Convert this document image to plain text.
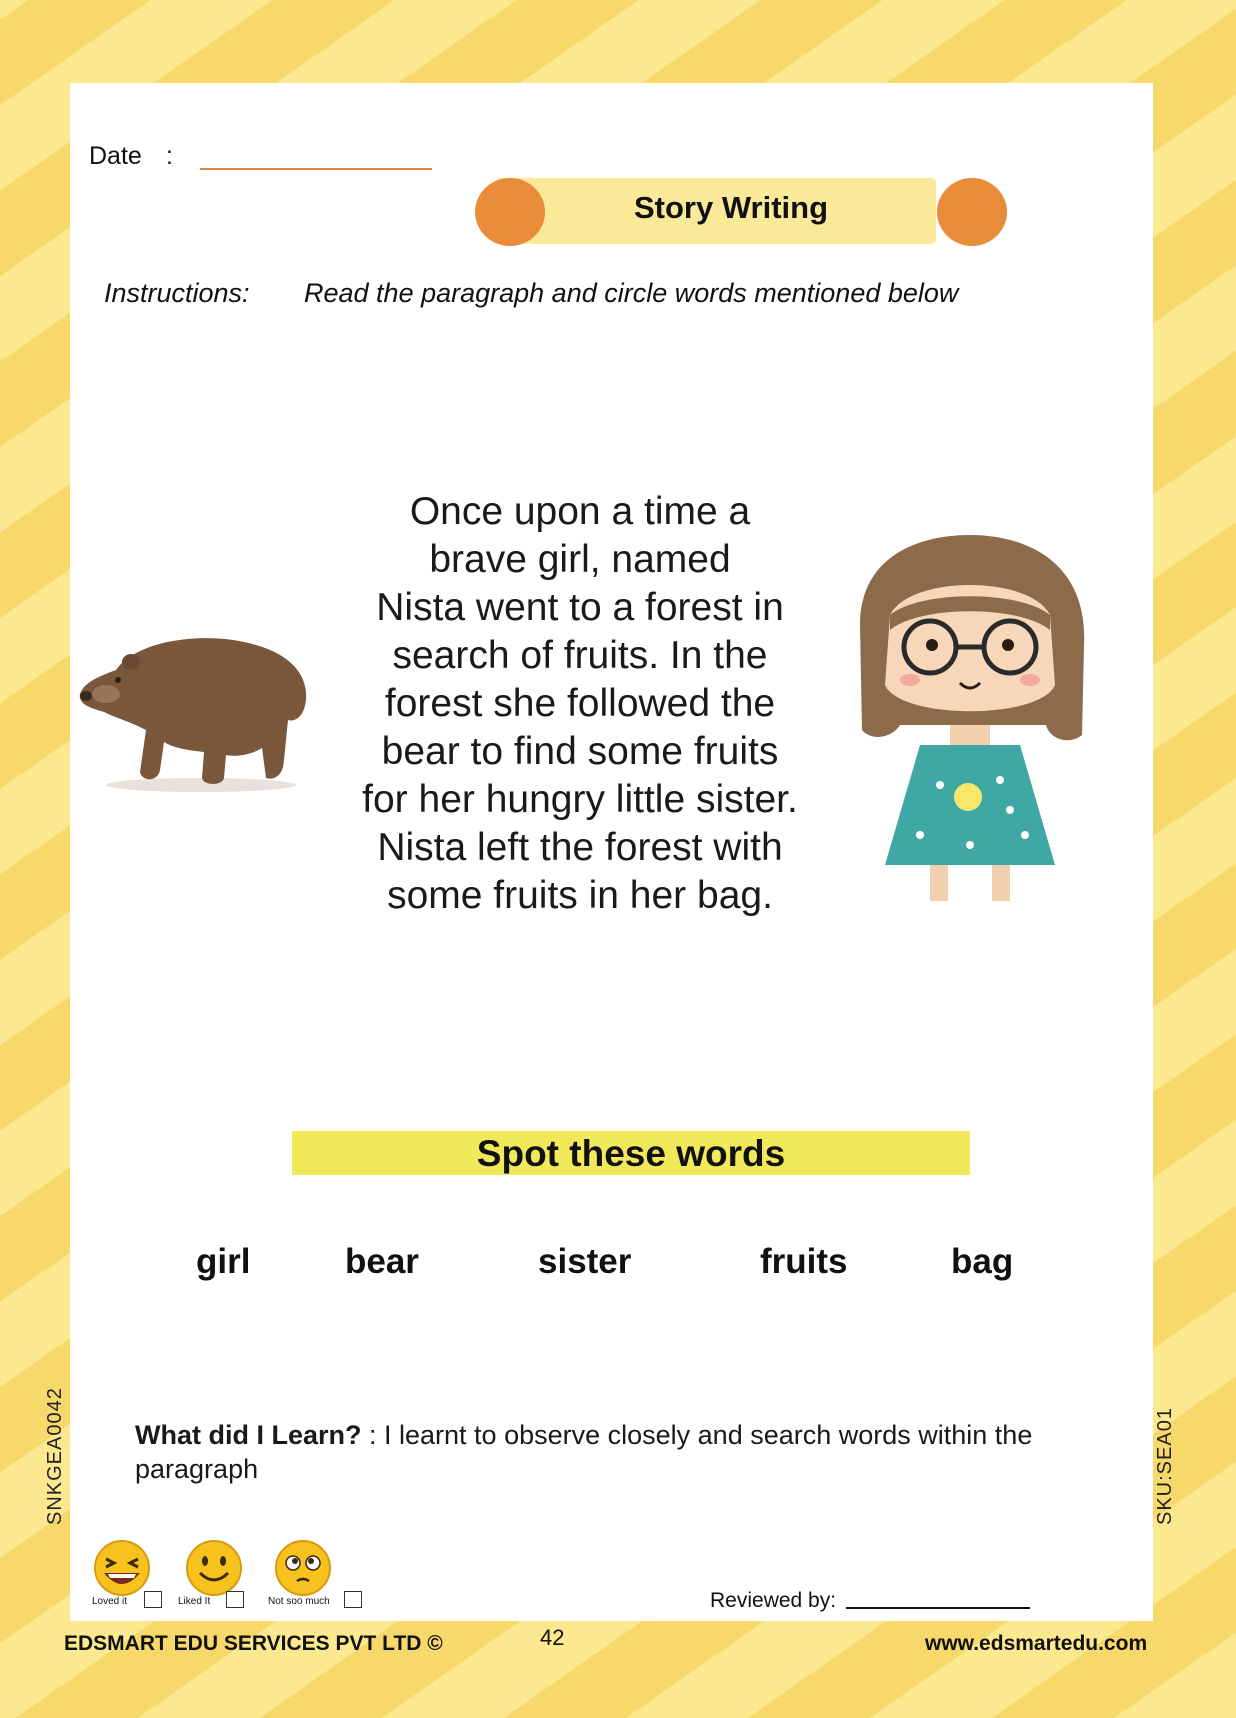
Date :
Story Writing
Instructions: Read the paragraph and circle words mentioned below
Once upon a time a
brave girl, named
Nista went to a forest in
search of fruits. In the
forest she followed the
bear to find some fruits
for her hungry little sister.
Nista left the forest with
some fruits in her bag.
Spot these words
girl	bear	sister	fruits	bag
What did I Learn? : I learnt to observe closely and search words within the paragraph
SNKGEA0042	SKU:SEA01
Loved it	Liked It	Not soo much	Reviewed by:
EDSMART EDU SERVICES PVT LTD ©	42	www.edsmartedu.com
